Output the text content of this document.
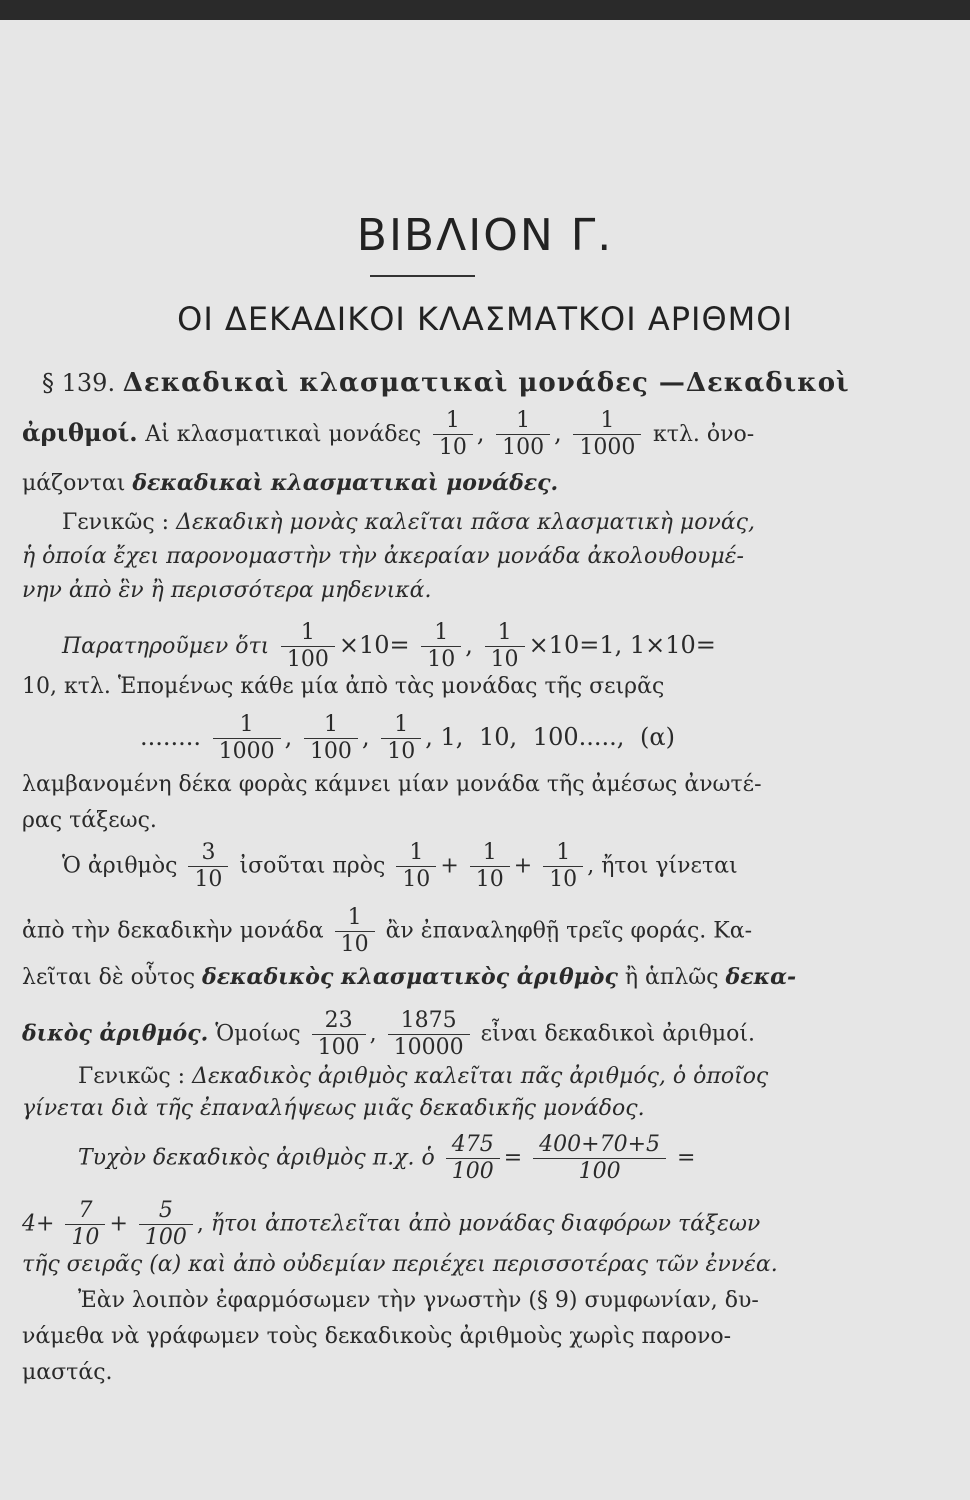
ΒΙΒΛΙΟΝ Γ.
ΟΙ ΔΕΚΑΔΙΚΟΙ ΚΛΑΣΜΑΤΚΟΙ ΑΡΙΘΜΟΙ
§ 139. Δεκαδικαὶ κλασματικαὶ μονάδες —Δεκαδικοὶ
ἀριθμοί. Αἱ κλασματικαὶ μονάδες $\frac{1}{10}$ , $\frac{1}{100}$ , $\frac{1}{1000} \kappa\tau\lambda$. ὀνο-
μάζονται δεκαδικαὶ κλασματικαὶ μονάδες.
Γενικῶς : Δεκαδικὴ μονὰς καλεῖται πᾶσα κλασματικὴ μονάς,
ἡ ὁποία ἔχει παρονομαστὴν τὴν ἀκεραίαν μονάδα ἀκολουθουμέ-
νην ἀπὸ ἓν ἢ περισσότερα μηδενικά.
Παρατηροῦμεν ὅτι $\frac{1}{100} \times 10= \frac{1}{10}$ , $\frac{1}{10} \times 10=1$, 1×10=
10, κτλ. Ἑπομένως κάθε μία ἀπὸ τὰς μονάδας τῆς σειρᾶς
........ $\frac{1}{1000}$ , $\frac{1}{100}$ , $\frac{1}{10}$ , 1, 10, 100....., (α)
λαμβανομένη δέκα φορὰς κάμνει μίαν μονάδα τῆς ἀμέσως ἀνωτέ-
ρας τάξεως.
Ὁ ἀριθμὸς $\frac{3}{10}$ ἰσοῦται πρὸς $\frac{1}{10} + \frac{1}{10} + \frac{1}{10}$ , ἤτοι γίνεται
ἀπὸ τὴν δεκαδικὴν μονάδα $\frac{1}{10}$ ἂν ἐπαναληφθῇ τρεῖς φοράς. Κα-
λεῖται δὲ οὗτος δεκαδικὸς κλασματικὸς ἀριθμὸς ἢ ἁπλῶς δεκα-
δικὸς ἀριθμός. Ὁμοίως $\frac{23}{100}$ , $\frac{1875}{10000}$ εἶναι δεκαδικοὶ ἀριθμοί.
Γενικῶς : Δεκαδικὸς ἀριθμὸς καλεῖται πᾶς ἀριθμός, ὁ ὁποῖος
γίνεται διὰ τῆς ἐπαναλήψεως μιᾶς δεκαδικῆς μονάδος.
Τυχὸν δεκαδικὸς ἀριθμὸς π.χ. ὁ $\frac{475}{100} = \frac{400+70+5}{100}$ =
$4+ \frac{7}{10} + \frac{5}{100}$ , ἤτοι ἀποτελεῖται ἀπὸ μονάδας διαφόρων τάξεων
τῆς σειρᾶς (α) καὶ ἀπὸ οὐδεμίαν περιέχει περισσοτέρας τῶν ἐννέα.
Ἐὰν λοιπὸν ἐφαρμόσωμεν τὴν γνωστὴν (§ 9) συμφωνίαν, δυ-
νάμεθα νὰ γράφωμεν τοὺς δεκαδικοὺς ἀριθμοὺς χωρὶς παρονο-
μαστάς.
